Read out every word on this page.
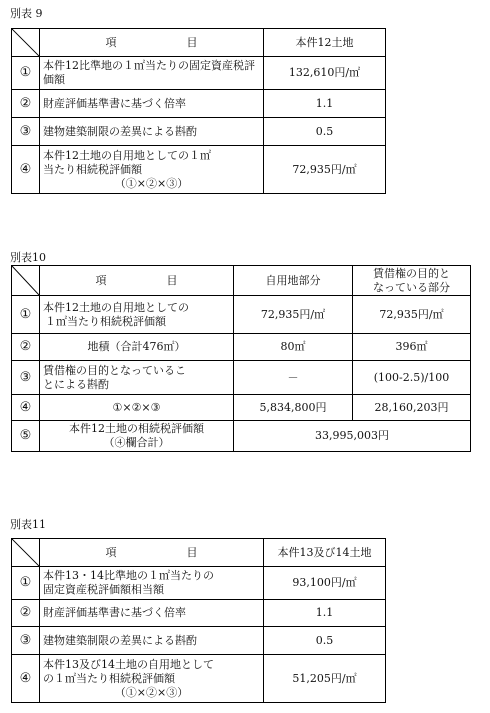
別表 9
	項 目	本件12土地
①	本件12比準地の１㎡当たりの固定資産税評価額	132,610円/㎡
②	財産評価基準書に基づく倍率	1.1
③	建物建築制限の差異による斟酌	0.5
④	本件12土地の自用地としての１㎡
当たり相続税評価額
（①×②×③）	72,935円/㎡
別表10
	項 目	自用地部分	賃借権の目的と
なっている部分

①	本件12土地の自用地としての
１㎡当たり相続税評価額	72,935円/㎡	72,935円/㎡
②	地積（合計476㎡）	80㎡	396㎡
③	賃借権の目的となっているこ
とによる斟酌	－	(100-2.5)/100
④	①×②×③	5,834,800円	28,160,203円
⑤	本件12土地の相続税評価額
（④欄合計）	33,995,003円	
別表11
	項 目	本件13及び14土地
①	本件13・14比準地の１㎡当たりの
固定資産税評価額相当額	93,100円/㎡
②	財産評価基準書に基づく倍率	1.1
③	建物建築制限の差異による斟酌	0.5
④	本件13及び14土地の自用地として
の１㎡当たり相続税評価額
（①×②×③）	51,205円/㎡
